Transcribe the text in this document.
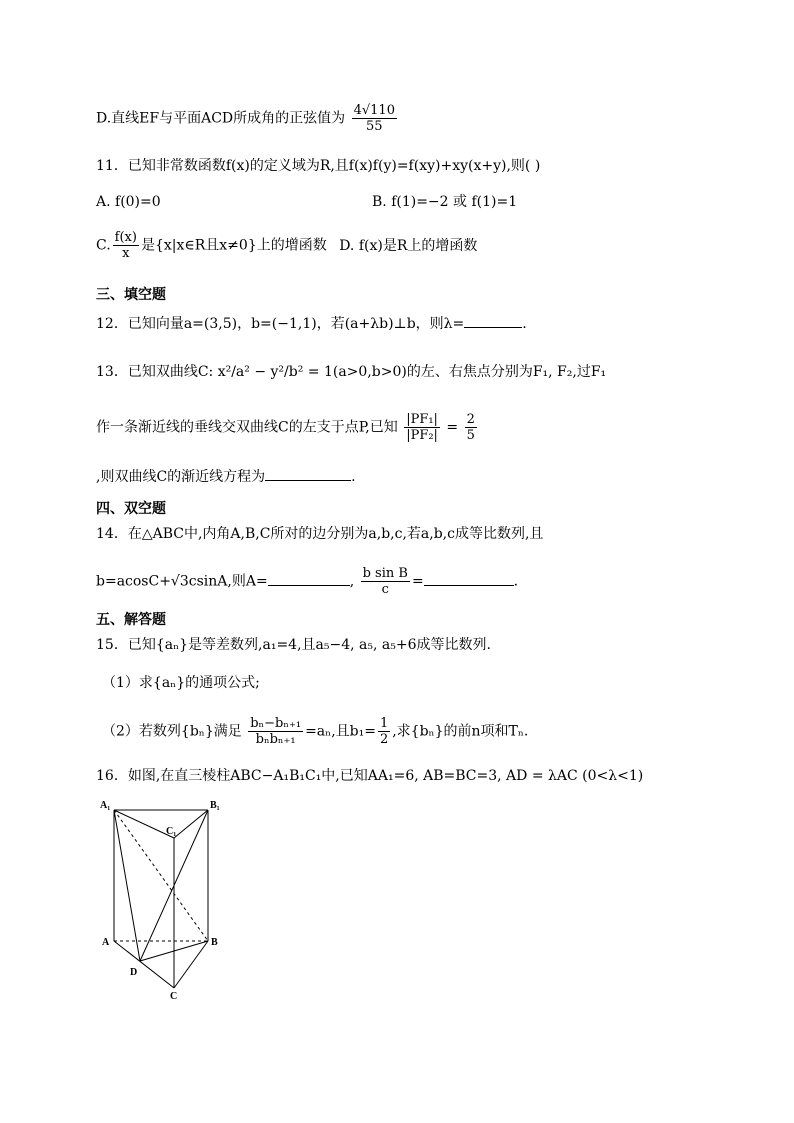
D.直线EF与平面ACD所成角的正弦值为 $\frac{4√110}{55}$
11．已知非常数函数f(x)的定义域为R,且f(x)f(y)=f(xy)+xy(x+y),则( )
A. f(0)=0	B. f(1)=−2 或 f(1)=1
C. $\frac{f(x)}{x}$ 是{x|x∈R且x≠0}上的增函数 D. f(x)是R上的增函数
三、填空题
12．已知向量a=(3,5)，b=(−1,1)，若(a+λb)⊥b，则λ=	.
13．已知双曲线C: x²/a² − y²/b² = 1(a>0,b>0)的左、右焦点分别为F₁, F₂,过F₁
作一条渐近线的垂线交双曲线C的左支于点P,已知 $\frac{\text{|PF₁|}}{\text{|PF₂|}} = \frac{2}{5}$
,则双曲线C的渐近线方程为	.
四、双空题
14．在△ABC中,内角A,B,C所对的边分别为a,b,c,若a,b,c成等比数列,且
b=acosC+√3csinA,则A=	, $\frac{\text{b sin B}}{c}$ =	.
五、解答题
15．已知{aₙ}是等差数列,a₁=4,且a₅−4, a₅, a₅+6成等比数列.
（1）求{aₙ}的通项公式;
（2）若数列{bₙ}满足 $\frac{\text{bₙ−bₙ₊₁}}{\text{bₙbₙ₊₁}} =a_n$,且$b_1= \frac{1}{2}$ ,求{bₙ}的前n项和Tₙ.
16．如图,在直三棱柱ABC−A₁B₁C₁中,已知AA₁=6, AB=BC=3, AD = λAC (0<λ<1)
A₁	B₁
C₁
A	B
C
D
